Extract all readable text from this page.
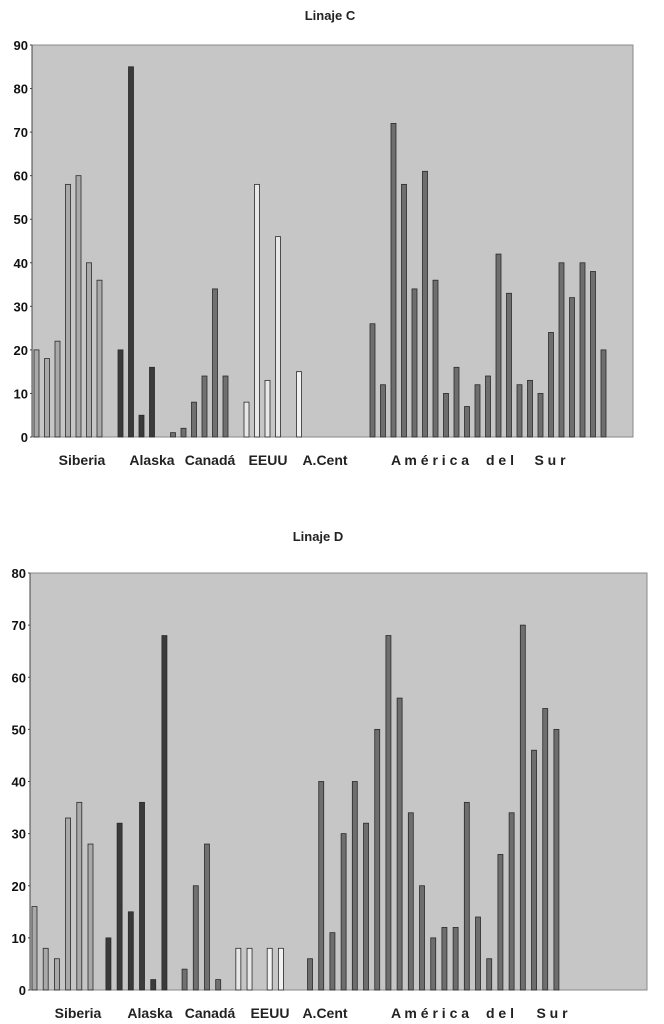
Linaje C
0
10
20
30
40
50
60
70
80
90
Siberia Alaska Canadá EEUU A.Cent	A m é r i c a d e l S u r
Linaje D
0
10
20
30
40
50
60
70
80
Siberia Alaska Canadá EEUU A.Cent	A m é r i c a d e l S u r
